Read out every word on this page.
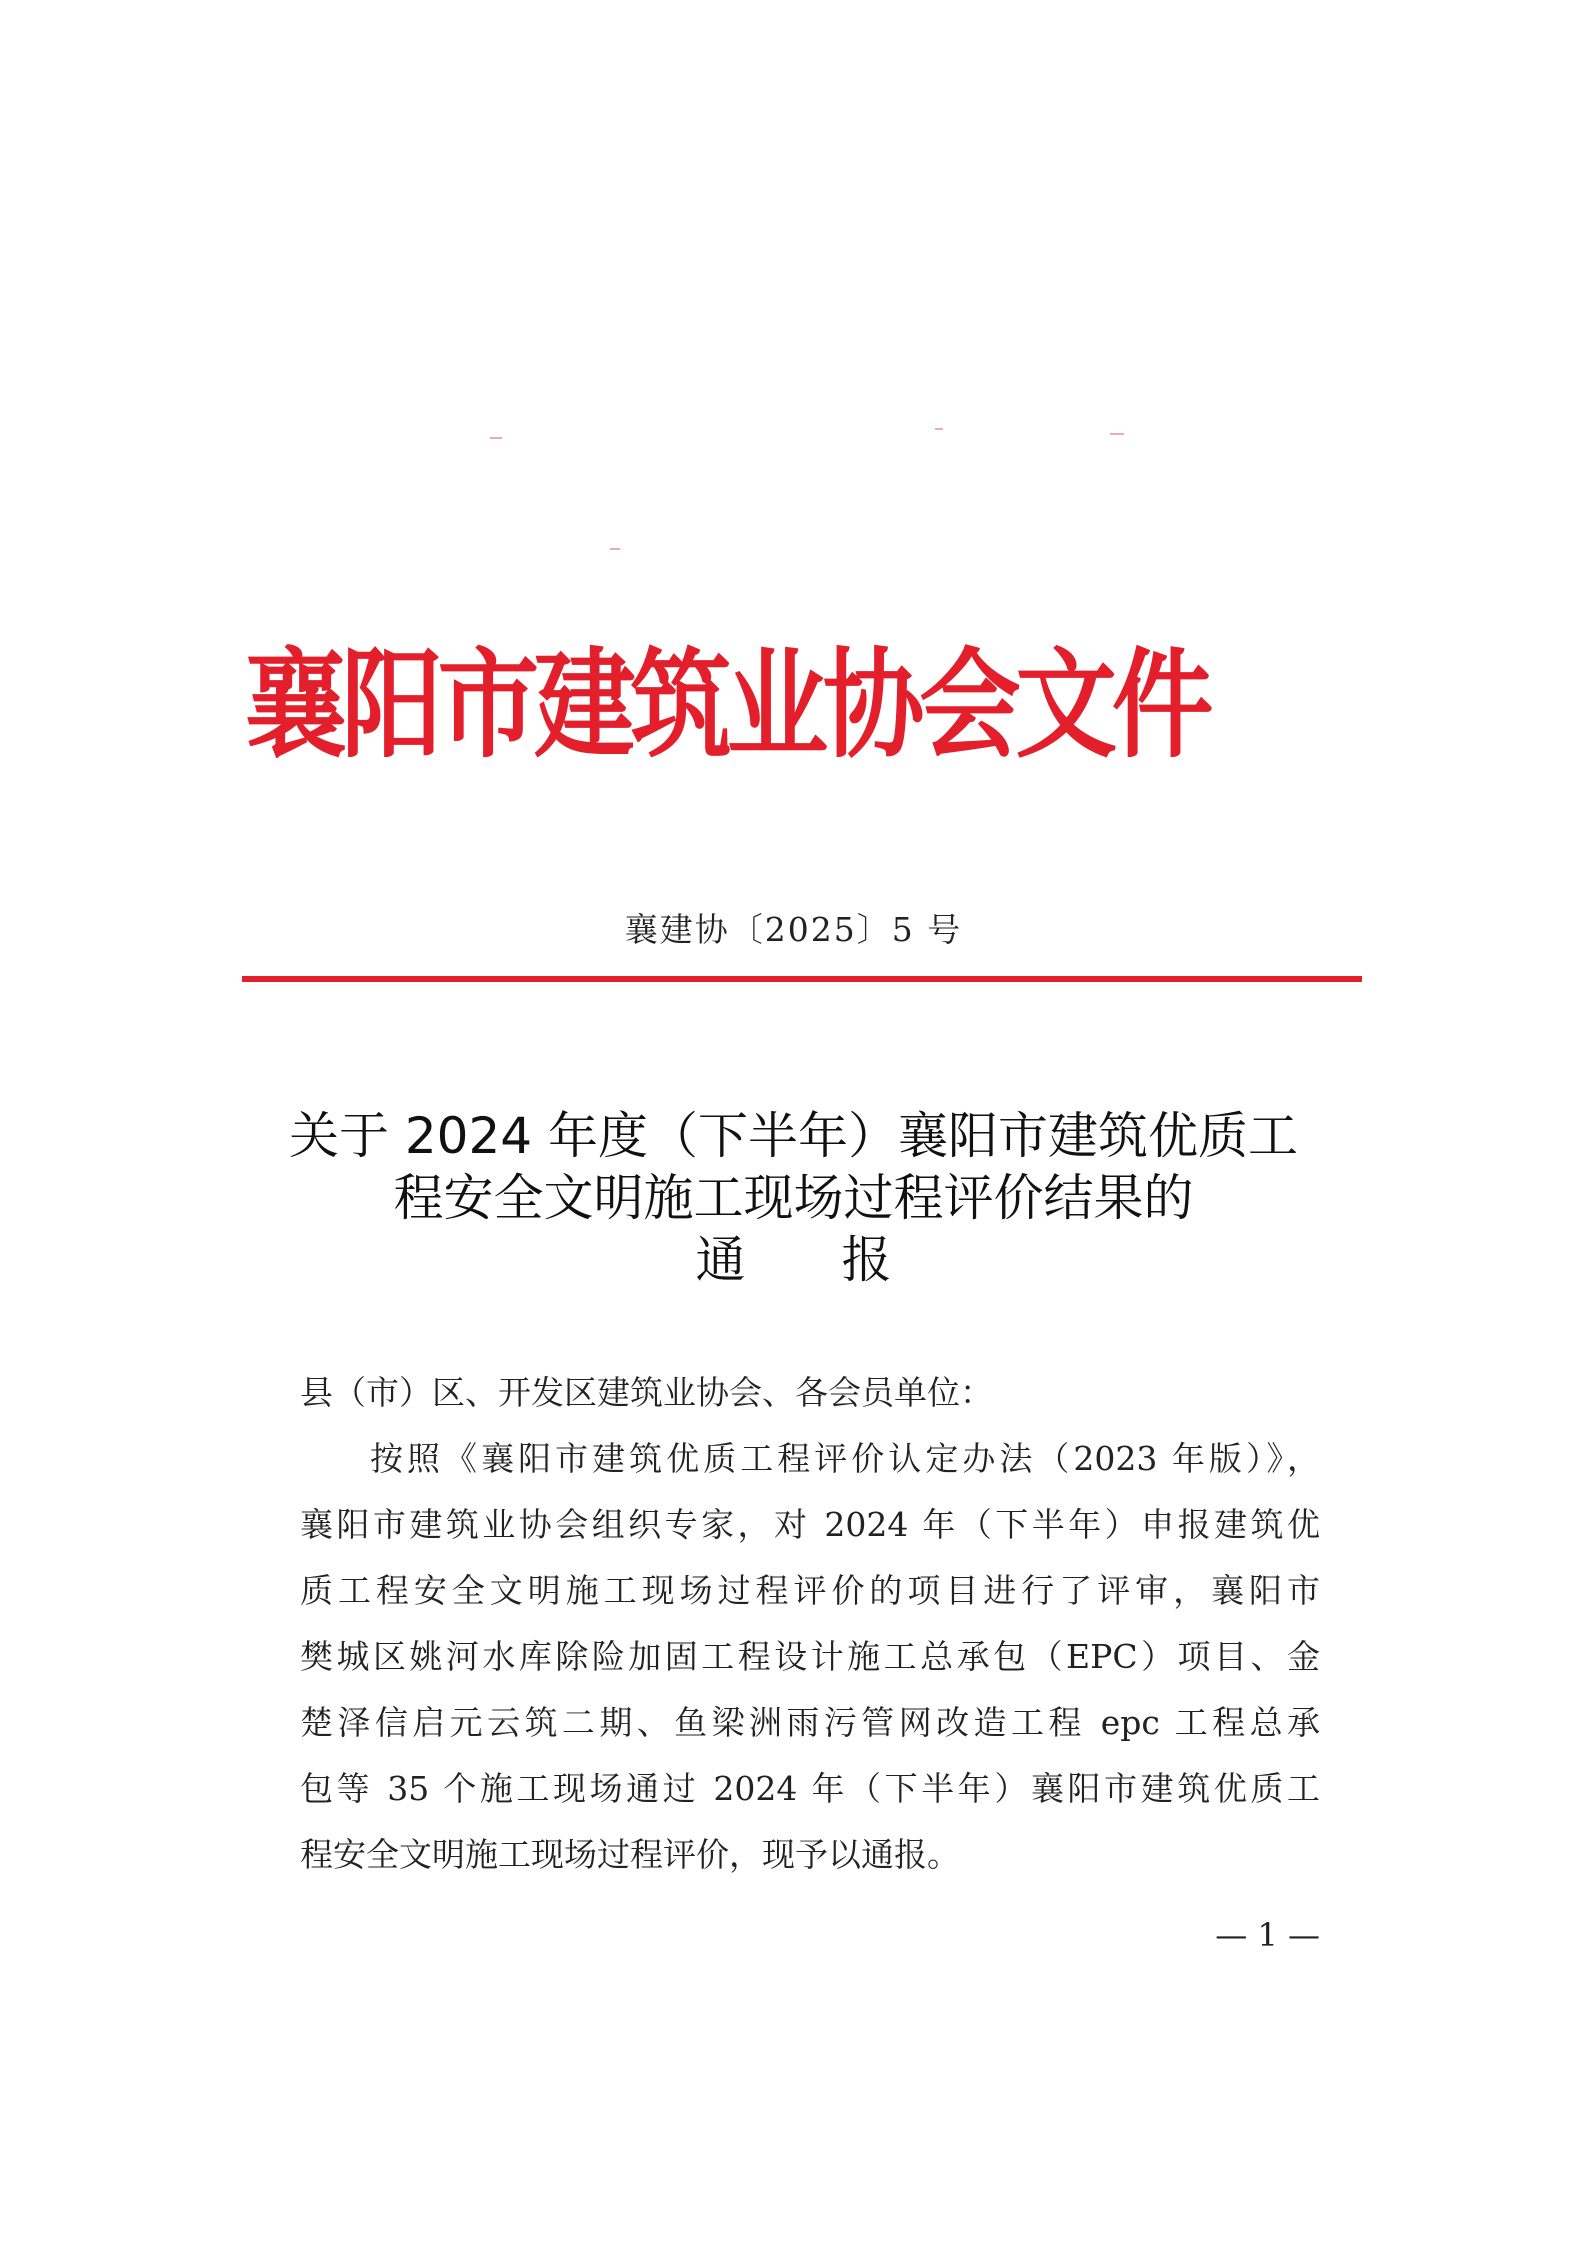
襄阳市建筑业协会文件
襄建协〔2025〕5 号
关于 2024 年度（下半年）襄阳市建筑优质工
程安全文明施工现场过程评价结果的
通 报
县（市）区、开发区建筑业协会、各会员单位：
按照《襄阳市建筑优质工程评价认定办法（2023 年版）》，
襄阳市建筑业协会组织专家，对 2024 年（下半年）申报建筑优
质工程安全文明施工现场过程评价的项目进行了评审，襄阳市
樊城区姚河水库除险加固工程设计施工总承包（EPC）项目、金
楚泽信启元云筑二期、鱼梁洲雨污管网改造工程 epc 工程总承
包等 35 个施工现场通过 2024 年（下半年）襄阳市建筑优质工
程安全文明施工现场过程评价，现予以通报。
— 1 —
